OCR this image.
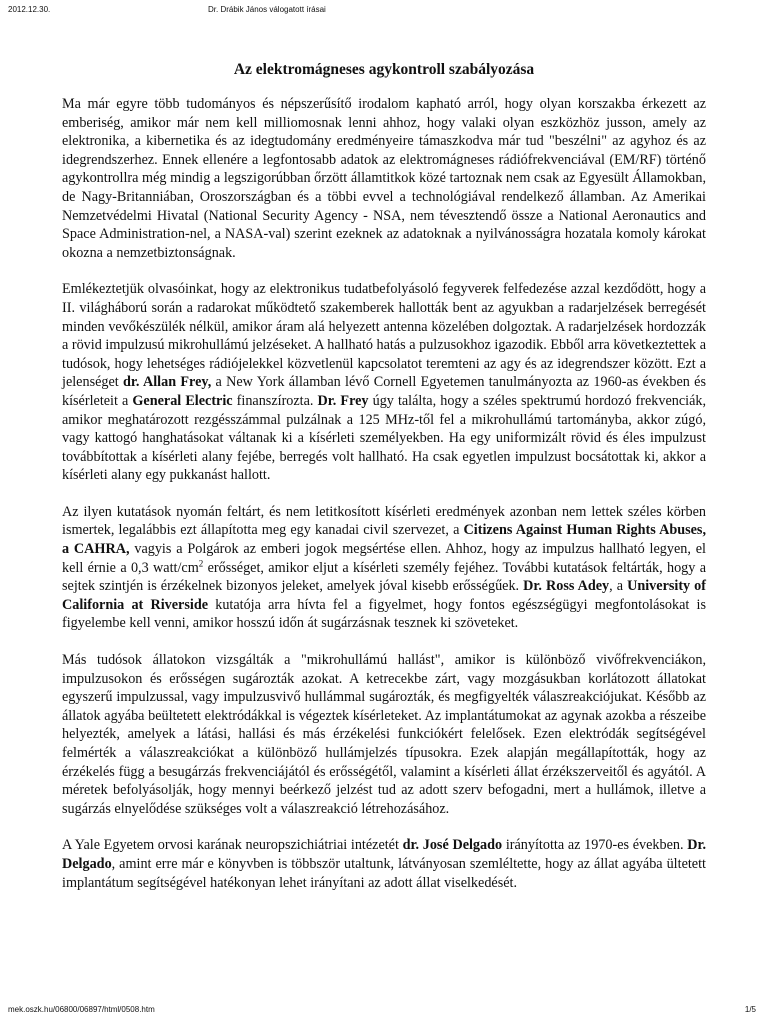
2012.12.30.	Dr. Drábik János válogatott írásai
Az elektromágneses agykontroll szabályozása

Ma már egyre több tudományos és népszerűsítő irodalom kapható arról, hogy olyan korszakba érkezett az emberiség, amikor már nem kell milliomosnak lenni ahhoz, hogy valaki olyan eszközhöz jusson, amely az elektronika, a kibernetika és az idegtudomány eredményeire támaszkodva már tud "beszélni" az agyhoz és az idegrendszerhez. Ennek ellenére a legfontosabb adatok az elektromágneses rádiófrekvenciával (EM/RF) történő agykontrollra még mindig a legszigorúbban őrzött államtitkok közé tartoznak nem csak az Egyesült Államokban, de Nagy-Britanniában, Oroszországban és a többi evvel a technológiával rendelkező államban. Az Amerikai Nemzetvédelmi Hivatal (National Security Agency - NSA, nem tévesztendő össze a National Aeronautics and Space Administration-nel, a NASA-val) szerint ezeknek az adatoknak a nyilvánosságra hozatala komoly károkat okozna a nemzetbiztonságnak.

Emlékeztetjük olvasóinkat, hogy az elektronikus tudatbefolyásoló fegyverek felfedezése azzal kezdődött, hogy a II. világháború során a radarokat működtető szakemberek hallották bent az agyukban a radarjelzések berregését minden vevőkészülék nélkül, amikor áram alá helyezett antenna közelében dolgoztak. A radarjelzések hordozzák a rövid impulzusú mikrohullámú jelzéseket. A hallható hatás a pulzusokhoz igazodik. Ebből arra következtettek a tudósok, hogy lehetséges rádiójelekkel közvetlenül kapcsolatot teremteni az agy és az idegrendszer között. Ezt a jelenséget dr. Allan Frey, a New York államban lévő Cornell Egyetemen tanulmányozta az 1960-as években és kísérleteit a General Electric finanszírozta. Dr. Frey úgy találta, hogy a széles spektrumú hordozó frekvenciák, amikor meghatározott rezgésszámmal pulzálnak a 125 MHz-től fel a mikrohullámú tartományba, akkor zúgó, vagy kattogó hanghatásokat váltanak ki a kísérleti személyekben. Ha egy uniformizált rövid és éles impulzust továbbítottak a kísérleti alany fejébe, berregés volt hallható. Ha csak egyetlen impulzust bocsátottak ki, akkor a kísérleti alany egy pukkanást hallott.

Az ilyen kutatások nyomán feltárt, és nem letitkosított kísérleti eredmények azonban nem lettek széles körben ismertek, legalábbis ezt állapította meg egy kanadai civil szervezet, a Citizens Against Human Rights Abuses, a CAHRA, vagyis a Polgárok az emberi jogok megsértése ellen. Ahhoz, hogy az impulzus hallható legyen, el kell érnie a 0,3 watt/$cm^2$ erősséget, amikor eljut a kísérleti személy fejéhez. További kutatások feltárták, hogy a sejtek szintjén is érzékelnek bizonyos jeleket, amelyek jóval kisebb erősségűek. Dr. Ross Adey, a University of California at Riverside kutatója arra hívta fel a figyelmet, hogy fontos egészségügyi megfontolásokat is figyelembe kell venni, amikor hosszú időn át sugárzásnak tesznek ki szöveteket.

Más tudósok állatokon vizsgálták a "mikrohullámú hallást", amikor is különböző vivőfrekvenciákon, impulzusokon és erősségen sugározták azokat. A ketrecekbe zárt, vagy mozgásukban korlátozott állatokat egyszerű impulzussal, vagy impulzusvivő hullámmal sugározták, és megfigyelték válaszreakciójukat. Később az állatok agyába beültetett elektródákkal is végeztek kísérleteket. Az implantátumokat az agynak azokba a részeibe helyezték, amelyek a látási, hallási és más érzékelési funkciókért felelősek. Ezen elektródák segítségével felmérték a válaszreakciókat a különböző hullámjelzés típusokra. Ezek alapján megállapították, hogy az érzékelés függ a besugárzás frekvenciájától és erősségétől, valamint a kísérleti állat érzékszerveitől és agyától. A méretek befolyásolják, hogy mennyi beérkező jelzést tud az adott szerv befogadni, mert a hullámok, illetve a sugárzás elnyelődése szükséges volt a válaszreakció létrehozásához.

A Yale Egyetem orvosi karának neuropszichiátriai intézetét dr. José Delgado irányította az 1970-es években. Dr. Delgado, amint erre már e könyvben is többször utaltunk, látványosan szemléltette, hogy az állat agyába ültetett implantátum segítségével hatékonyan lehet irányítani az adott állat viselkedését.

mek.oszk.hu/06800/06897/html/0508.htm	1/5
